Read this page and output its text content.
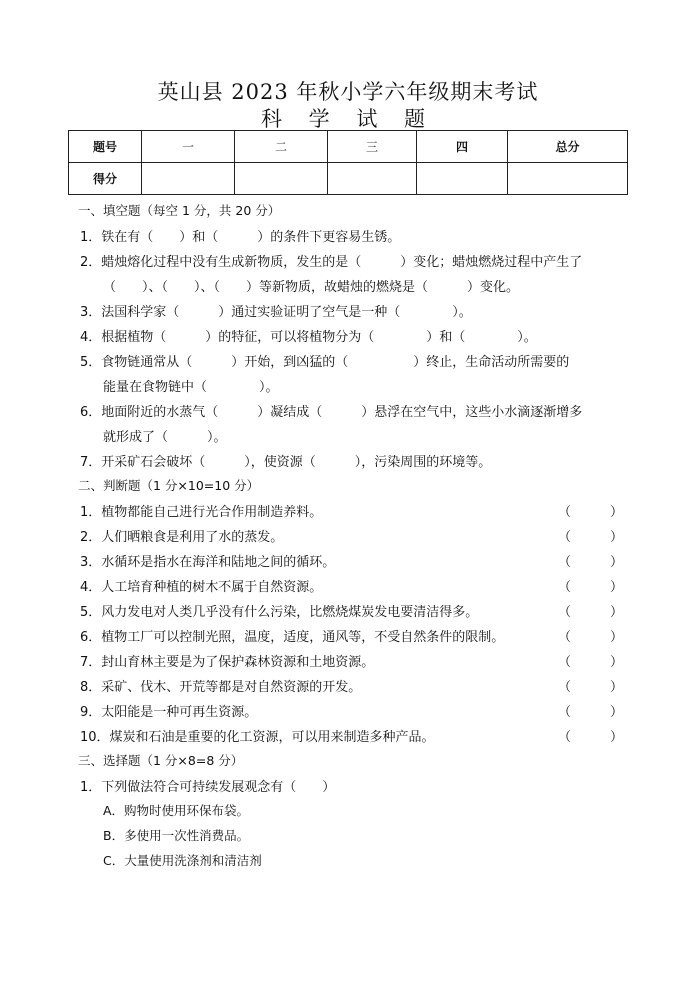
英山县 2023 年秋小学六年级期末考试
科 学 试 题
题号	一	二	三	四	总分
得分					
一、填空题（每空 1 分，共 20 分）
1．铁在有（　　）和（　　　）的条件下更容易生锈。
2．蜡烛熔化过程中没有生成新物质，发生的是（　　　）变化；蜡烛燃烧过程中产生了
（　　）、（　　）、（　　）等新物质，故蜡烛的燃烧是（　　　）变化。
3．法国科学家（　　　）通过实验证明了空气是一种（　　　　）。
4．根据植物（　　　）的特征，可以将植物分为（　　　　）和（　　　　）。
5．食物链通常从（　　　）开始，到凶猛的（　　　　　）终止，生命活动所需要的
能量在食物链中（　　　　）。
6．地面附近的水蒸气（　　　）凝结成（　　　）悬浮在空气中，这些小水滴逐渐增多
就形成了（　　　）。
7．开采矿石会破坏（　　　），使资源（　　　），污染周围的环境等。
二、判断题（1 分×10=10 分）
1．植物都能自己进行光合作用制造养料。	（　　　）
2．人们晒粮食是利用了水的蒸发。	（　　　）
3．水循环是指水在海洋和陆地之间的循环。	（　　　）
4．人工培育种植的树木不属于自然资源。	（　　　）
5．风力发电对人类几乎没有什么污染，比燃烧煤炭发电要清洁得多。	（　　　）
6．植物工厂可以控制光照，温度，适度，通风等，不受自然条件的限制。	（　　　）
7．封山育林主要是为了保护森林资源和土地资源。	（　　　）
8．采矿、伐木、开荒等都是对自然资源的开发。	（　　　）
9．太阳能是一种可再生资源。	（　　　）
10．煤炭和石油是重要的化工资源，可以用来制造多种产品。	（　　　）
三、选择题（1 分×8=8 分）
1．下列做法符合可持续发展观念有（　　）
A．购物时使用环保布袋。
B．多使用一次性消费品。
C．大量使用洗涤剂和清洁剂
